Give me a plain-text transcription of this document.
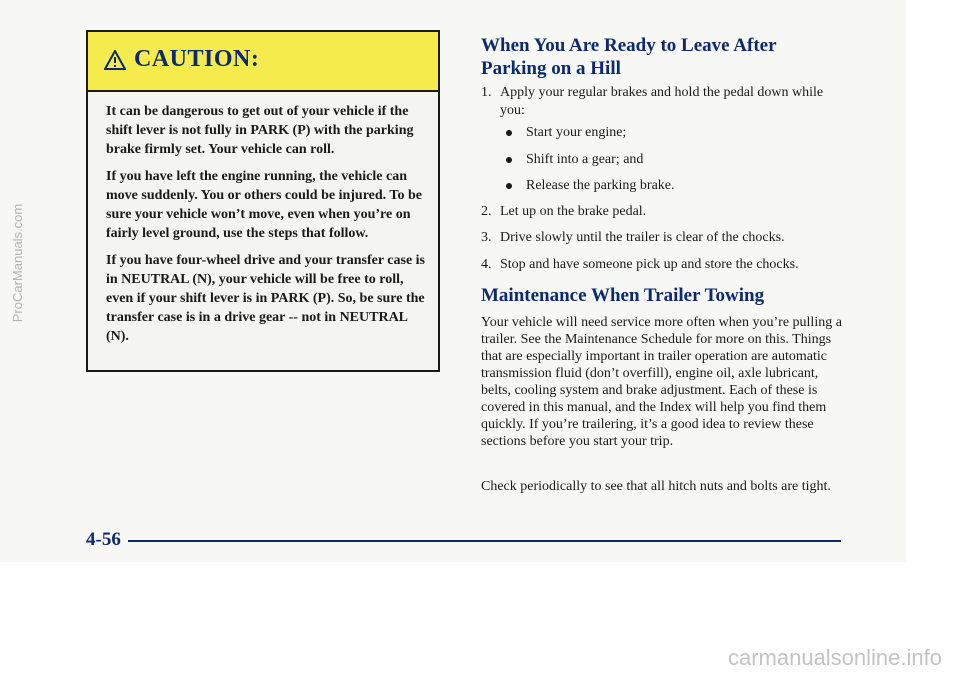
CAUTION:

It can be dangerous to get out of your vehicle if the shift lever is not fully in PARK (P) with the parking brake firmly set. Your vehicle can roll.

If you have left the engine running, the vehicle can move suddenly. You or others could be injured. To be sure your vehicle won’t move, even when you’re on fairly level ground, use the steps that follow.

If you have four-wheel drive and your transfer case is in NEUTRAL (N), your vehicle will be free to roll, even if your shift lever is in PARK (P). So, be sure the transfer case is in a drive gear -- not in NEUTRAL (N).

When You Are Ready to Leave After Parking on a Hill
1. Apply your regular brakes and hold the pedal down while you:
Start your engine;
Shift into a gear; and
Release the parking brake.
2. Let up on the brake pedal.
3. Drive slowly until the trailer is clear of the chocks.
4. Stop and have someone pick up and store the chocks.
Maintenance When Trailer Towing

Your vehicle will need service more often when you’re pulling a trailer. See the Maintenance Schedule for more on this. Things that are especially important in trailer operation are automatic transmission fluid (don’t overfill), engine oil, axle lubricant, belts, cooling system and brake adjustment. Each of these is covered in this manual, and the Index will help you find them quickly. If you’re trailering, it’s a good idea to review these sections before you start your trip.

Check periodically to see that all hitch nuts and bolts are tight.

4-56
ProCarManuals.com
carmanualsonline.info
